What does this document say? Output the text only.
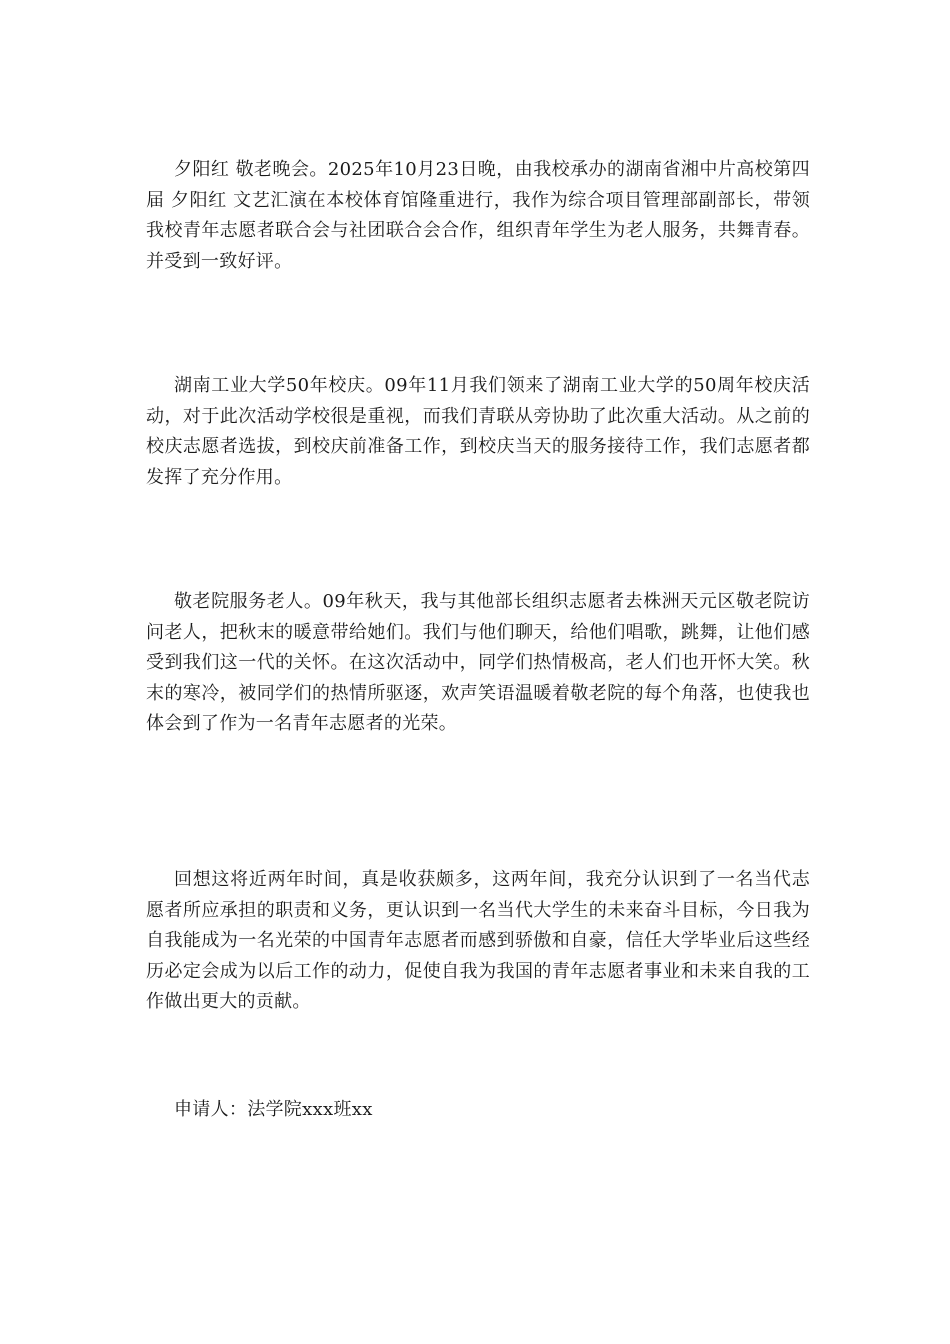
夕阳红 敬老晚会。2025年10月23日晚，由我校承办的湖南省湘中片高校第四届 夕阳红 文艺汇演在本校体育馆隆重进行，我作为综合项目管理部副部长，带领我校青年志愿者联合会与社团联合会合作，组织青年学生为老人服务，共舞青春。并受到一致好评。

湖南工业大学50年校庆。09年11月我们领来了湖南工业大学的50周年校庆活动，对于此次活动学校很是重视，而我们青联从旁协助了此次重大活动。从之前的校庆志愿者选拔，到校庆前准备工作，到校庆当天的服务接待工作，我们志愿者都发挥了充分作用。

敬老院服务老人。09年秋天，我与其他部长组织志愿者去株洲天元区敬老院访问老人，把秋末的暖意带给她们。我们与他们聊天，给他们唱歌，跳舞，让他们感受到我们这一代的关怀。在这次活动中，同学们热情极高，老人们也开怀大笑。秋末的寒冷，被同学们的热情所驱逐，欢声笑语温暖着敬老院的每个角落，也使我也体会到了作为一名青年志愿者的光荣。

回想这将近两年时间，真是收获颇多，这两年间，我充分认识到了一名当代志愿者所应承担的职责和义务，更认识到一名当代大学生的未来奋斗目标，今日我为自我能成为一名光荣的中国青年志愿者而感到骄傲和自豪，信任大学毕业后这些经历必定会成为以后工作的动力，促使自我为我国的青年志愿者事业和未来自我的工作做出更大的贡献。

申请人：法学院xxx班xx
